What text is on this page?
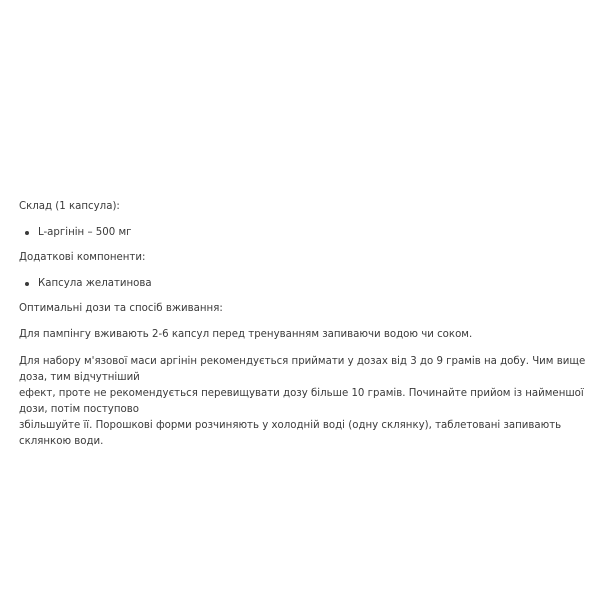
Склад (1 капсула):

L-аргінін – 500 мг

Додаткові компоненти:

Капсула желатинова

Оптимальні дози та спосіб вживання:

Для пампінгу вживають 2-6 капсул перед тренуванням запиваючи водою чи соком.

Для набору м'язової маси аргінін рекомендується приймати у дозах від 3 до 9 грамів на добу. Чим вище доза, тим відчутніший

ефект, проте не рекомендується перевищувати дозу більше 10 грамів. Починайте прийом із найменшої дози, потім поступово

збільшуйте її. Порошкові форми розчиняють у холодній воді (одну склянку), таблетовані запивають склянкою води.
